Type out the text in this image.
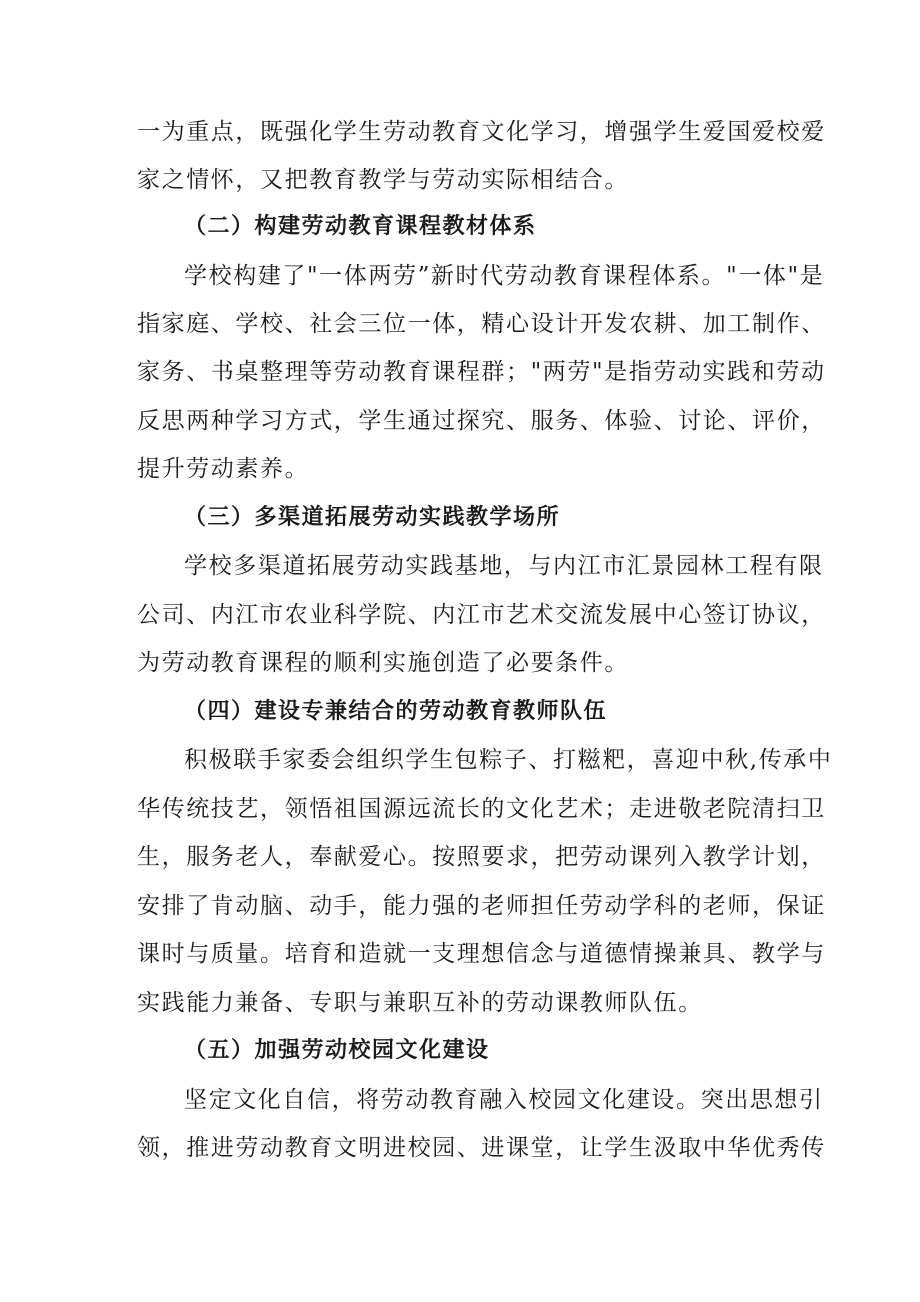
一为重点，既强化学生劳动教育文化学习，增强学生爱国爱校爱
家之情怀，又把教育教学与劳动实际相结合。
（二）构建劳动教育课程教材体系
学校构建了"一体两劳”新时代劳动教育课程体系。"一体"是
指家庭、学校、社会三位一体，精心设计开发农耕、加工制作、
家务、书桌整理等劳动教育课程群；"两劳"是指劳动实践和劳动
反思两种学习方式，学生通过探究、服务、体验、讨论、评价，
提升劳动素养。
（三）多渠道拓展劳动实践教学场所
学校多渠道拓展劳动实践基地，与内江市汇景园林工程有限
公司、内江市农业科学院、内江市艺术交流发展中心签订协议，
为劳动教育课程的顺利实施创造了必要条件。
（四）建设专兼结合的劳动教育教师队伍
积极联手家委会组织学生包粽子、打糍粑，喜迎中秋,传承中
华传统技艺，领悟祖国源远流长的文化艺术；走进敬老院清扫卫
生，服务老人，奉献爱心。按照要求，把劳动课列入教学计划，
安排了肯动脑、动手，能力强的老师担任劳动学科的老师，保证
课时与质量。培育和造就一支理想信念与道德情操兼具、教学与
实践能力兼备、专职与兼职互补的劳动课教师队伍。
（五）加强劳动校园文化建设
坚定文化自信，将劳动教育融入校园文化建设。突出思想引
领，推进劳动教育文明进校园、进课堂，让学生汲取中华优秀传
